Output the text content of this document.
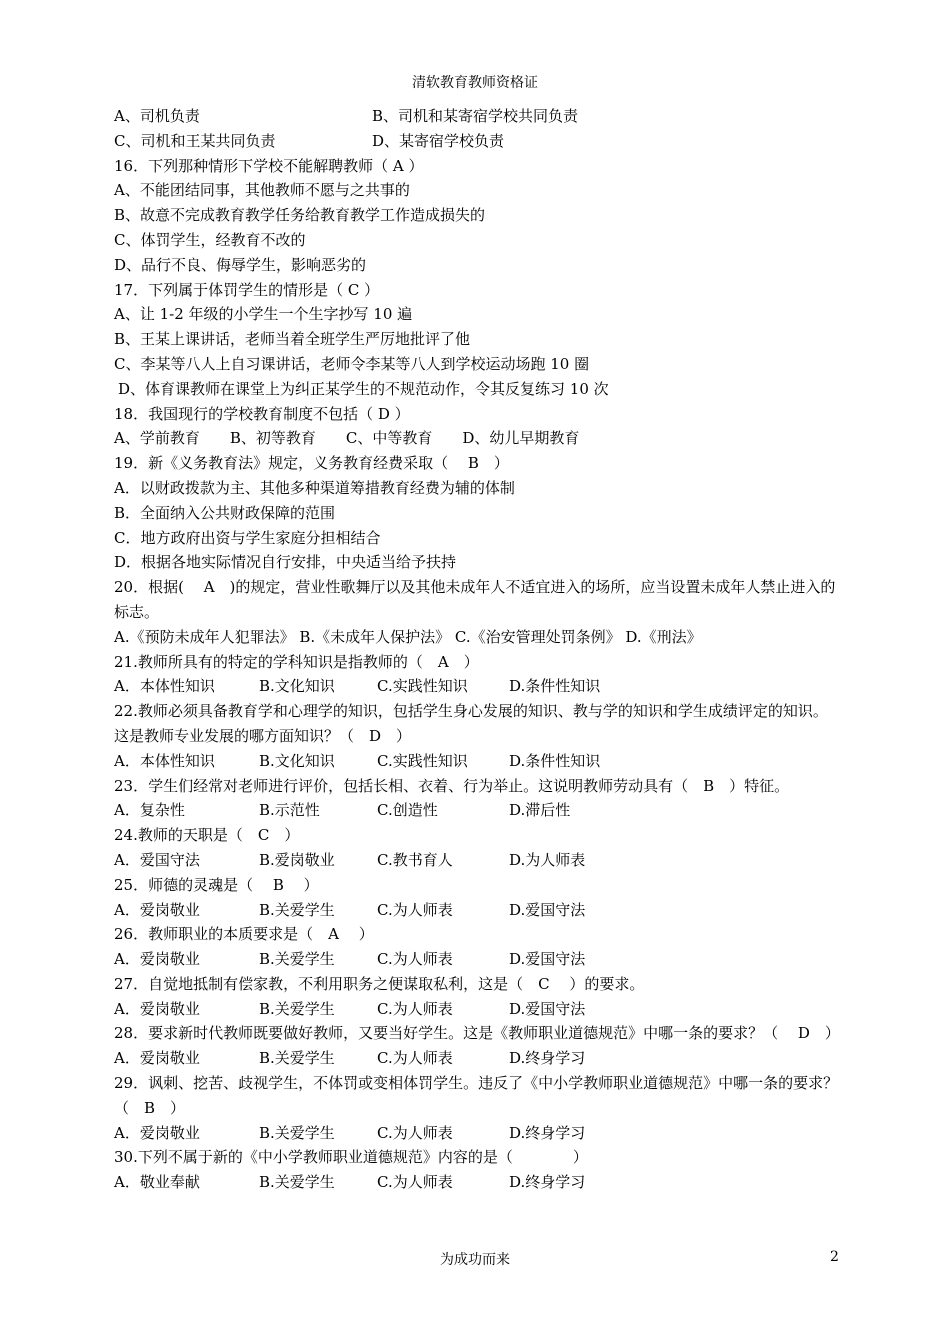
清软教育教师资格证
A、司机负责	B、司机和某寄宿学校共同负责
C、司机和王某共同负责	D、某寄宿学校负责
16．下列那种情形下学校不能解聘教师（ A ）
A、不能团结同事，其他教师不愿与之共事的
B、故意不完成教育教学任务给教育教学工作造成损失的
C、体罚学生，经教育不改的
D、品行不良、侮辱学生，影响恶劣的
17．下列属于体罚学生的情形是（ C ）
A、让 1-2 年级的小学生一个生字抄写 10 遍
B、王某上课讲话，老师当着全班学生严厉地批评了他
C、李某等八人上自习课讲话，老师令李某等八人到学校运动场跑 10 圈
D、体育课教师在课堂上为纠正某学生的不规范动作，令其反复练习 10 次
18．我国现行的学校教育制度不包括（ D ）
A、学前教育　　B、初等教育　　C、中等教育　　D、幼儿早期教育
19．新《义务教育法》规定，义务教育经费采取（　 B　）
A．以财政拨款为主、其他多种渠道筹措教育经费为辅的体制
B．全面纳入公共财政保障的范围
C．地方政府出资与学生家庭分担相结合
D．根据各地实际情况自行安排，中央适当给予扶持
20．根据(　 A　)的规定，营业性歌舞厅以及其他未成年人不适宜进入的场所，应当设置未成年人禁止进入的标志。
A.《预防未成年人犯罪法》 B.《未成年人保护法》 C.《治安管理处罚条例》 D.《刑法》
21.教师所具有的特定的学科知识是指教师的（　A　）
A．本体性知识	B.文化知识	C.实践性知识	D.条件性知识
22.教师必须具备教育学和心理学的知识，包括学生身心发展的知识、教与学的知识和学生成绩评定的知识。这是教师专业发展的哪方面知识？（　D　）
A．本体性知识	B.文化知识	C.实践性知识	D.条件性知识
23．学生们经常对老师进行评价，包括长相、衣着、行为举止。这说明教师劳动具有（　B　）特征。
A．复杂性	B.示范性	C.创造性	D.滞后性
24.教师的天职是（　C　）
A．爱国守法	B.爱岗敬业	C.教书育人	D.为人师表
25．师德的灵魂是（　 B　 ）
A．爱岗敬业	B.关爱学生	C.为人师表	D.爱国守法
26．教师职业的本质要求是（　A　 ）
A．爱岗敬业	B.关爱学生	C.为人师表	D.爱国守法
27．自觉地抵制有偿家教，不利用职务之便谋取私利，这是（　C　 ）的要求。
A．爱岗敬业	B.关爱学生	C.为人师表	D.爱国守法
28．要求新时代教师既要做好教师，又要当好学生。这是《教师职业道德规范》中哪一条的要求？（　 D　）
A．爱岗敬业	B.关爱学生	C.为人师表	D.终身学习
29．讽刺、挖苦、歧视学生，不体罚或变相体罚学生。违反了《中小学教师职业道德规范》中哪一条的要求？（　B　）
A．爱岗敬业	B.关爱学生	C.为人师表	D.终身学习
30.下列不属于新的《中小学教师职业道德规范》内容的是（　　　　）
A．敬业奉献	B.关爱学生	C.为人师表	D.终身学习
为成功而来	2
